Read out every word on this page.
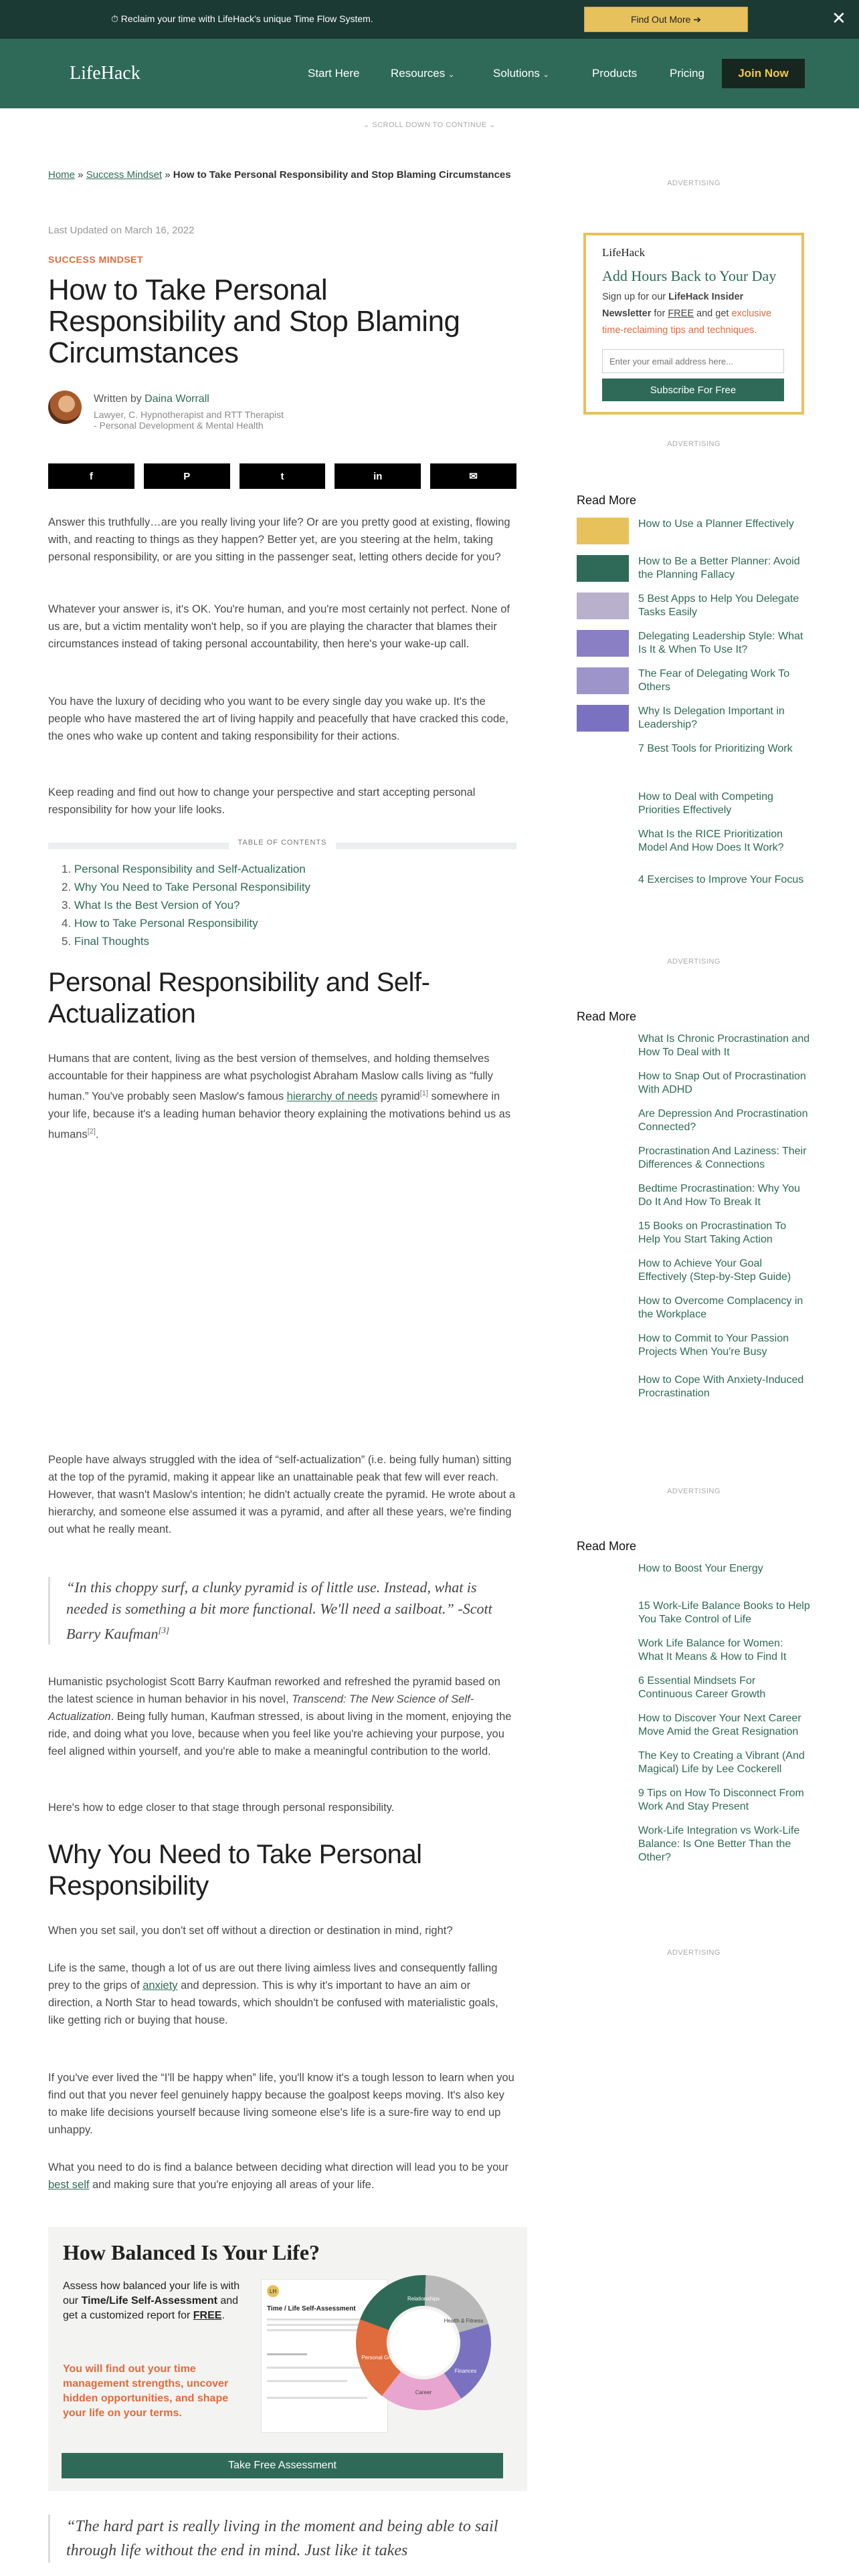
⏱ Reclaim your time with LifeHack's unique Time Flow System.	Find Out More ➔	✕
LifeHack	Start Here	Resources ⌄	Solutions ⌄	Products	Pricing	Join Now
⌄ SCROLL DOWN TO CONTINUE ⌄
Home » Success Mindset » How to Take Personal Responsibility and Stop Blaming Circumstances
Last Updated on March 16, 2022
SUCCESS MINDSET
How to Take Personal Responsibility and Stop Blaming Circumstances
Written by Daina Worrall
Lawyer, C. Hypnotherapist and RTT Therapist - Personal Development & Mental Health
f	P	t	in	✉

Answer this truthfully…are you really living your life? Or are you pretty good at existing, flowing with, and reacting to things as they happen? Better yet, are you steering at the helm, taking personal responsibility, or are you sitting in the passenger seat, letting others decide for you?

Whatever your answer is, it's OK. You're human, and you're most certainly not perfect. None of us are, but a victim mentality won't help, so if you are playing the character that blames their circumstances instead of taking personal accountability, then here's your wake-up call.

You have the luxury of deciding who you want to be every single day you wake up. It's the people who have mastered the art of living happily and peacefully that have cracked this code, the ones who wake up content and taking responsibility for their actions.

Keep reading and find out how to change your perspective and start accepting personal responsibility for how your life looks.

TABLE OF CONTENTS
1. Personal Responsibility and Self-Actualization
2. Why You Need to Take Personal Responsibility
3. What Is the Best Version of You?
4. How to Take Personal Responsibility
5. Final Thoughts
Personal Responsibility and Self-Actualization

Humans that are content, living as the best version of themselves, and holding themselves accountable for their happiness are what psychologist Abraham Maslow calls living as “fully human.” You've probably seen Maslow's famous hierarchy of needs pyramid[1] somewhere in your life, because it's a leading human behavior theory explaining the motivations behind us as humans[2].

People have always struggled with the idea of “self-actualization” (i.e. being fully human) sitting at the top of the pyramid, making it appear like an unattainable peak that few will ever reach. However, that wasn't Maslow's intention; he didn't actually create the pyramid. He wrote about a hierarchy, and someone else assumed it was a pyramid, and after all these years, we're finding out what he really meant.

“In this choppy surf, a clunky pyramid is of little use. Instead, what is needed is something a bit more functional. We'll need a sailboat.” -Scott Barry Kaufman[3]

Humanistic psychologist Scott Barry Kaufman reworked and refreshed the pyramid based on the latest science in human behavior in his novel, Transcend: The New Science of Self-Actualization. Being fully human, Kaufman stressed, is about living in the moment, enjoying the ride, and doing what you love, because when you feel like you're achieving your purpose, you feel aligned within yourself, and you're able to make a meaningful contribution to the world.

Here's how to edge closer to that stage through personal responsibility.

Why You Need to Take Personal Responsibility

When you set sail, you don't set off without a direction or destination in mind, right?

Life is the same, though a lot of us are out there living aimless lives and consequently falling prey to the grips of anxiety and depression. This is why it's important to have an aim or direction, a North Star to head towards, which shouldn't be confused with materialistic goals, like getting rich or buying that house.

If you've ever lived the “I'll be happy when” life, you'll know it's a tough lesson to learn when you find out that you never feel genuinely happy because the goalpost keeps moving. It's also key to make life decisions yourself because living someone else's life is a sure-fire way to end up unhappy.

What you need to do is find a balance between deciding what direction will lead you to be your best self and making sure that you're enjoying all areas of your life.

How Balanced Is Your Life?

Assess how balanced your life is with our Time/Life Self-Assessment and get a customized report for FREE.

You will find out your time management strengths, uncover hidden opportunities, and shape your life on your terms.

LH
Time / Life Self-Assessment
Relationships
Health & Fitness
Finances
Career
Personal Growth
Take Free Assessment
“The hard part is really living in the moment and being able to sail through life without the end in mind. Just like it takes
ADVERTISING
LifeHack
Add Hours Back to Your Day

Sign up for our LifeHack Insider Newsletter for FREE and get exclusive time-reclaiming tips and techniques.

Enter your email address here...
Subscribe For Free
ADVERTISING
Read More
How to Use a Planner Effectively
How to Be a Better Planner: Avoid the Planning Fallacy
5 Best Apps to Help You Delegate Tasks Easily
Delegating Leadership Style: What Is It & When To Use It?
The Fear of Delegating Work To Others
Why Is Delegation Important in Leadership?
7 Best Tools for Prioritizing Work
How to Deal with Competing Priorities Effectively
What Is the RICE Prioritization Model And How Does It Work?
4 Exercises to Improve Your Focus
ADVERTISING
Read More
What Is Chronic Procrastination and How To Deal with It
How to Snap Out of Procrastination With ADHD
Are Depression And Procrastination Connected?
Procrastination And Laziness: Their Differences & Connections
Bedtime Procrastination: Why You Do It And How To Break It
15 Books on Procrastination To Help You Start Taking Action
How to Achieve Your Goal Effectively (Step-by-Step Guide)
How to Overcome Complacency in the Workplace
How to Commit to Your Passion Projects When You're Busy
How to Cope With Anxiety-Induced Procrastination
ADVERTISING
Read More
How to Boost Your Energy
15 Work-Life Balance Books to Help You Take Control of Life
Work Life Balance for Women: What It Means & How to Find It
6 Essential Mindsets For Continuous Career Growth
How to Discover Your Next Career Move Amid the Great Resignation
The Key to Creating a Vibrant (And Magical) Life by Lee Cockerell
9 Tips on How To Disconnect From Work And Stay Present
Work-Life Integration vs Work-Life Balance: Is One Better Than the Other?
ADVERTISING
